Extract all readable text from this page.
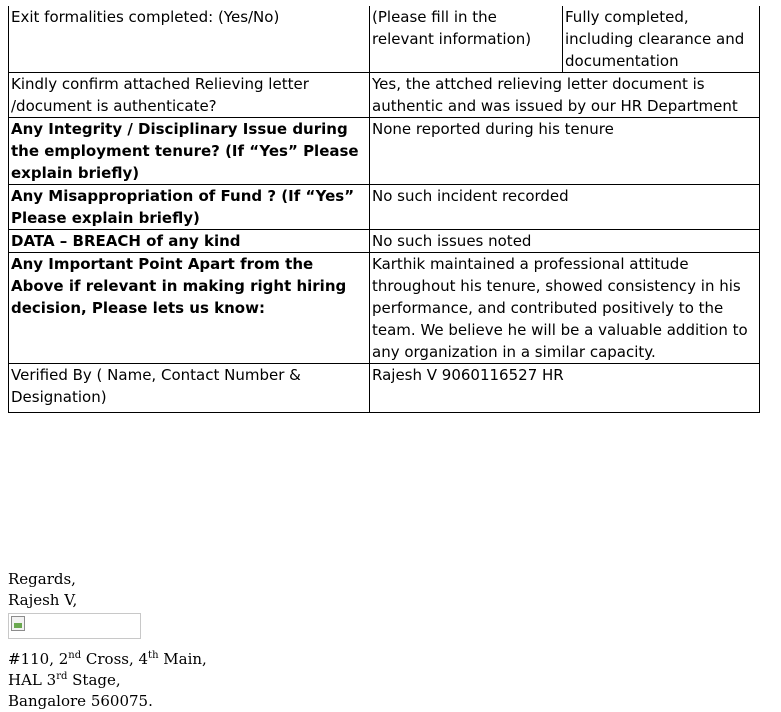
Exit formalities completed: (Yes/No)	(Please fill in the relevant information)	Fully completed, including clearance and documentation
Kindly confirm attached Relieving letter /document is authenticate?	Yes, the attched relieving letter document is authentic and was issued by our HR Department	
Any Integrity / Disciplinary Issue during the employment tenure? (If “Yes” Please explain briefly)	None reported during his tenure	
Any Misappropriation of Fund ? (If “Yes” Please explain briefly)	No such incident recorded	
DATA – BREACH of any kind	No such issues noted	
Any Important Point Apart from the Above if relevant in making right hiring decision, Please lets us know:	Karthik maintained a professional attitude throughout his tenure, showed consistency in his performance, and contributed positively to the team. We believe he will be a valuable addition to any organization in a similar capacity.	
Verified By ( Name, Contact Number & Designation)	Rajesh V 9060116527 HR	
Regards,
Rajesh V,
#110, 2nd Cross, 4th Main,
HAL 3rd Stage,
Bangalore 560075.
